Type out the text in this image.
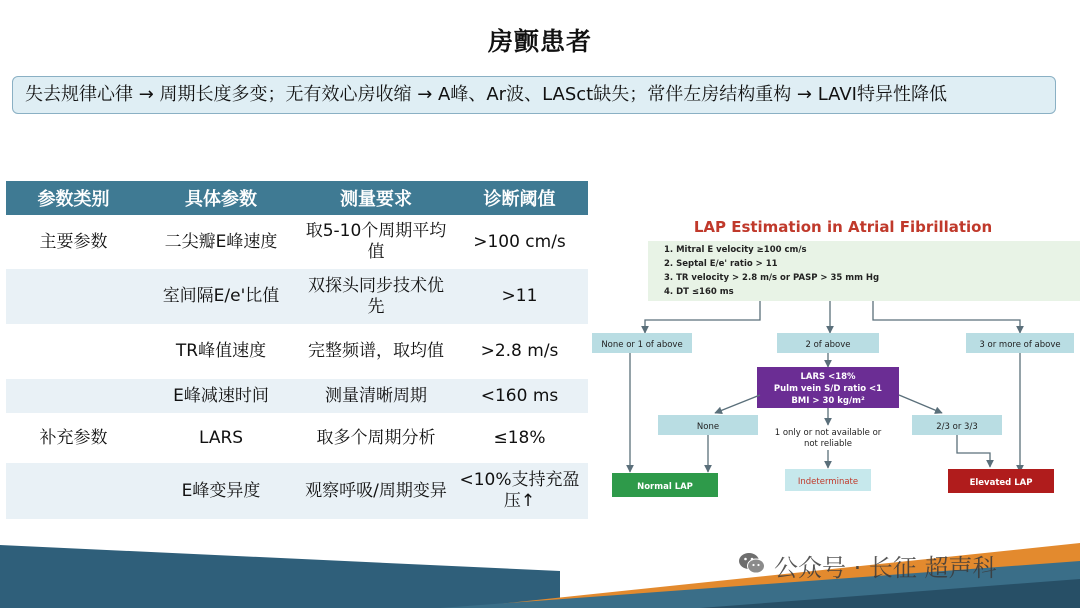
房颤患者
失去规律心律 → 周期长度多变；无有效心房收缩 → A峰、Ar波、LASct缺失；常伴左房结构重构 → LAVI特异性降低
参数类别	具体参数	测量要求	诊断阈值
主要参数	二尖瓣E峰速度	取5-10个周期平均值	>100 cm/s
	室间隔E/e'比值	双探头同步技术优先	>11
	TR峰值速度	完整频谱，取均值	>2.8 m/s
	E峰减速时间	测量清晰周期	<160 ms
补充参数	LARS	取多个周期分析	≤18%
	E峰变异度	观察呼吸/周期变异	<10%支持充盈压↑
LAP Estimation in Atrial Fibrillation
1. Mitral E velocity ≥100 cm/s
2. Septal E/e' ratio > 11
3. TR velocity > 2.8 m/s or PASP > 35 mm Hg
4. DT ≤160 ms
None or 1 of above	2 of above	3 or more of above
LARS <18%
Pulm vein S/D ratio <1
BMI > 30 kg/m²
None
1 only or not available or
not reliable
2/3 or 3/3
Normal LAP	Indeterminate	Elevated LAP
公众号 · 长征 超声科
